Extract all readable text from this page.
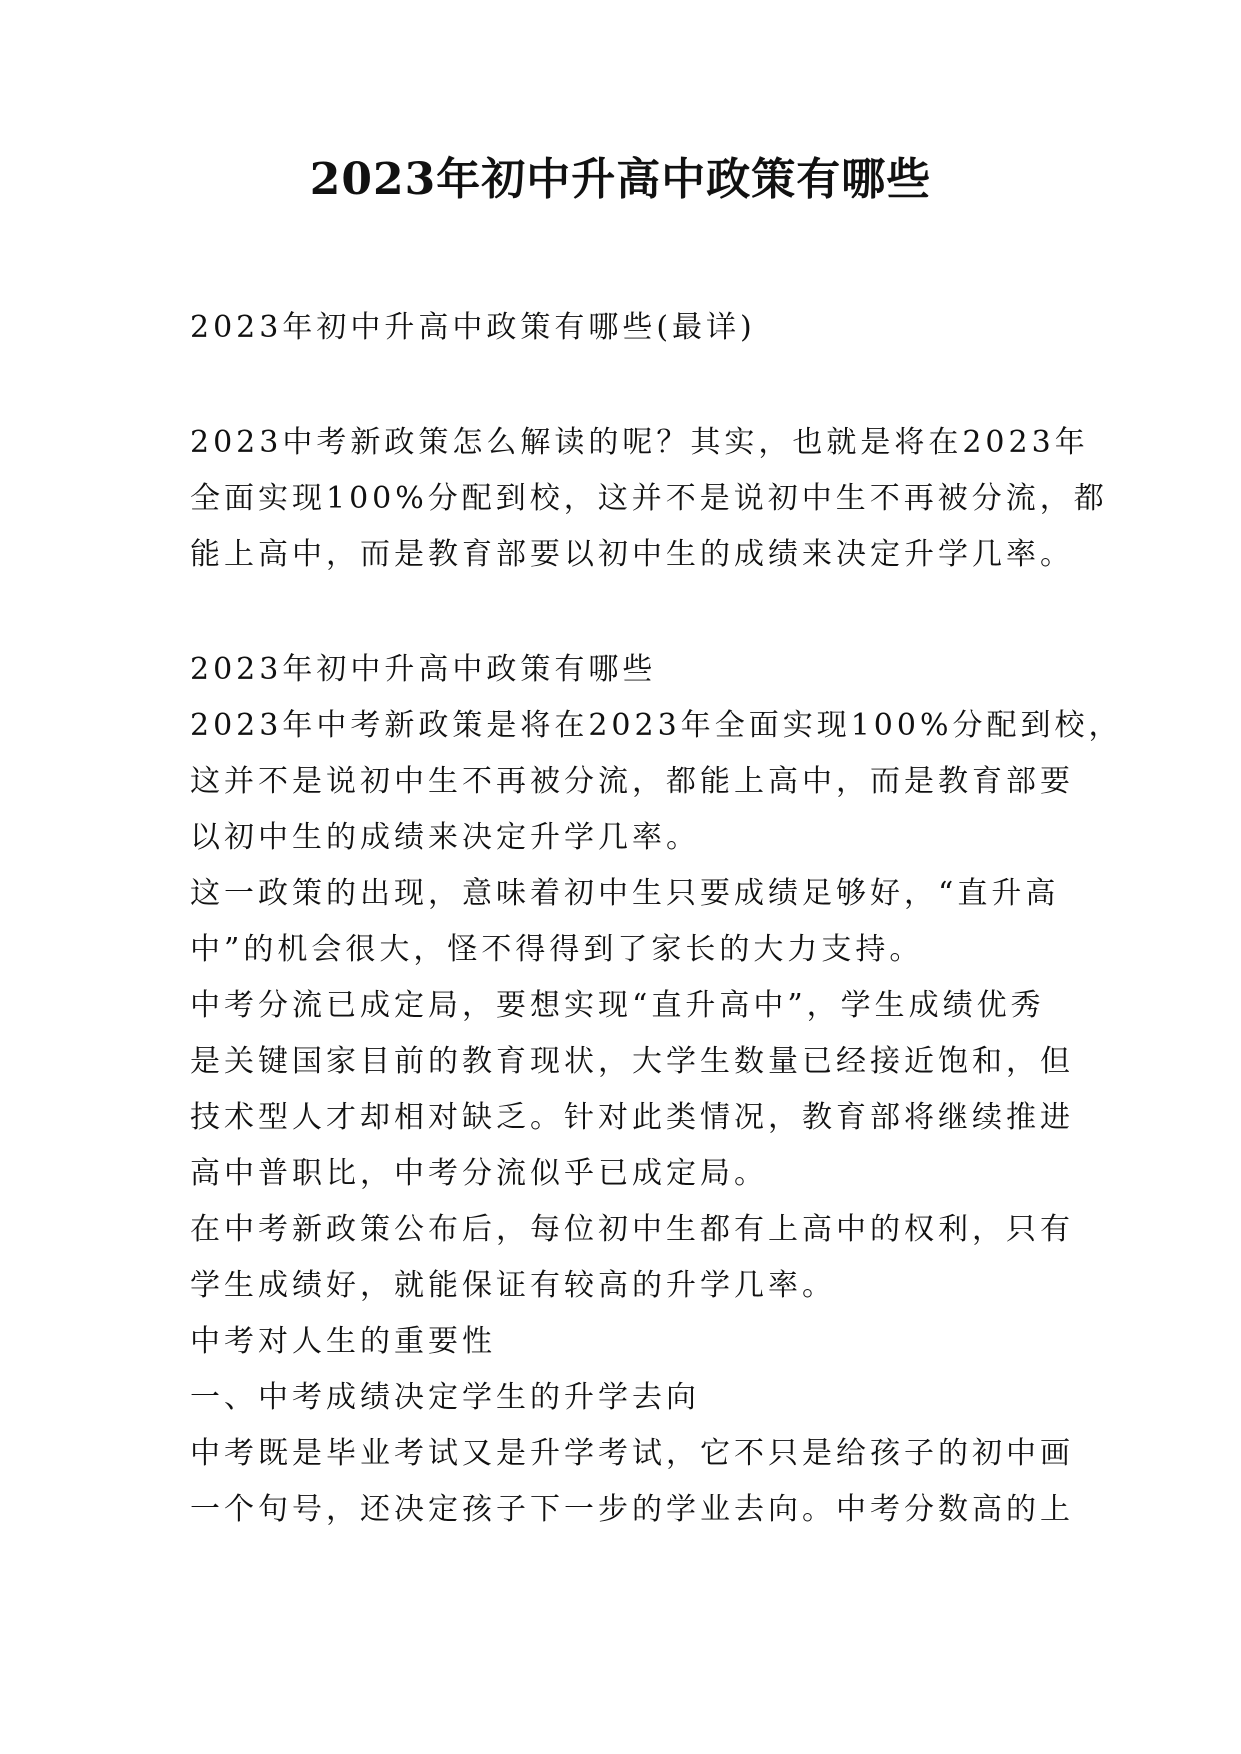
2023年初中升高中政策有哪些

2023年初中升高中政策有哪些(最详)

2023中考新政策怎么解读的呢？其实，也就是将在2023年

全面实现100%分配到校，这并不是说初中生不再被分流，都

能上高中，而是教育部要以初中生的成绩来决定升学几率。

2023年初中升高中政策有哪些

2023年中考新政策是将在2023年全面实现100%分配到校，

这并不是说初中生不再被分流，都能上高中，而是教育部要

以初中生的成绩来决定升学几率。

这一政策的出现，意味着初中生只要成绩足够好，“直升高

中”的机会很大，怪不得得到了家长的大力支持。

中考分流已成定局，要想实现“直升高中”，学生成绩优秀

是关键国家目前的教育现状，大学生数量已经接近饱和，但

技术型人才却相对缺乏。针对此类情况，教育部将继续推进

高中普职比，中考分流似乎已成定局。

在中考新政策公布后，每位初中生都有上高中的权利，只有

学生成绩好，就能保证有较高的升学几率。

中考对人生的重要性

一、中考成绩决定学生的升学去向

中考既是毕业考试又是升学考试，它不只是给孩子的初中画

一个句号，还决定孩子下一步的学业去向。中考分数高的上
